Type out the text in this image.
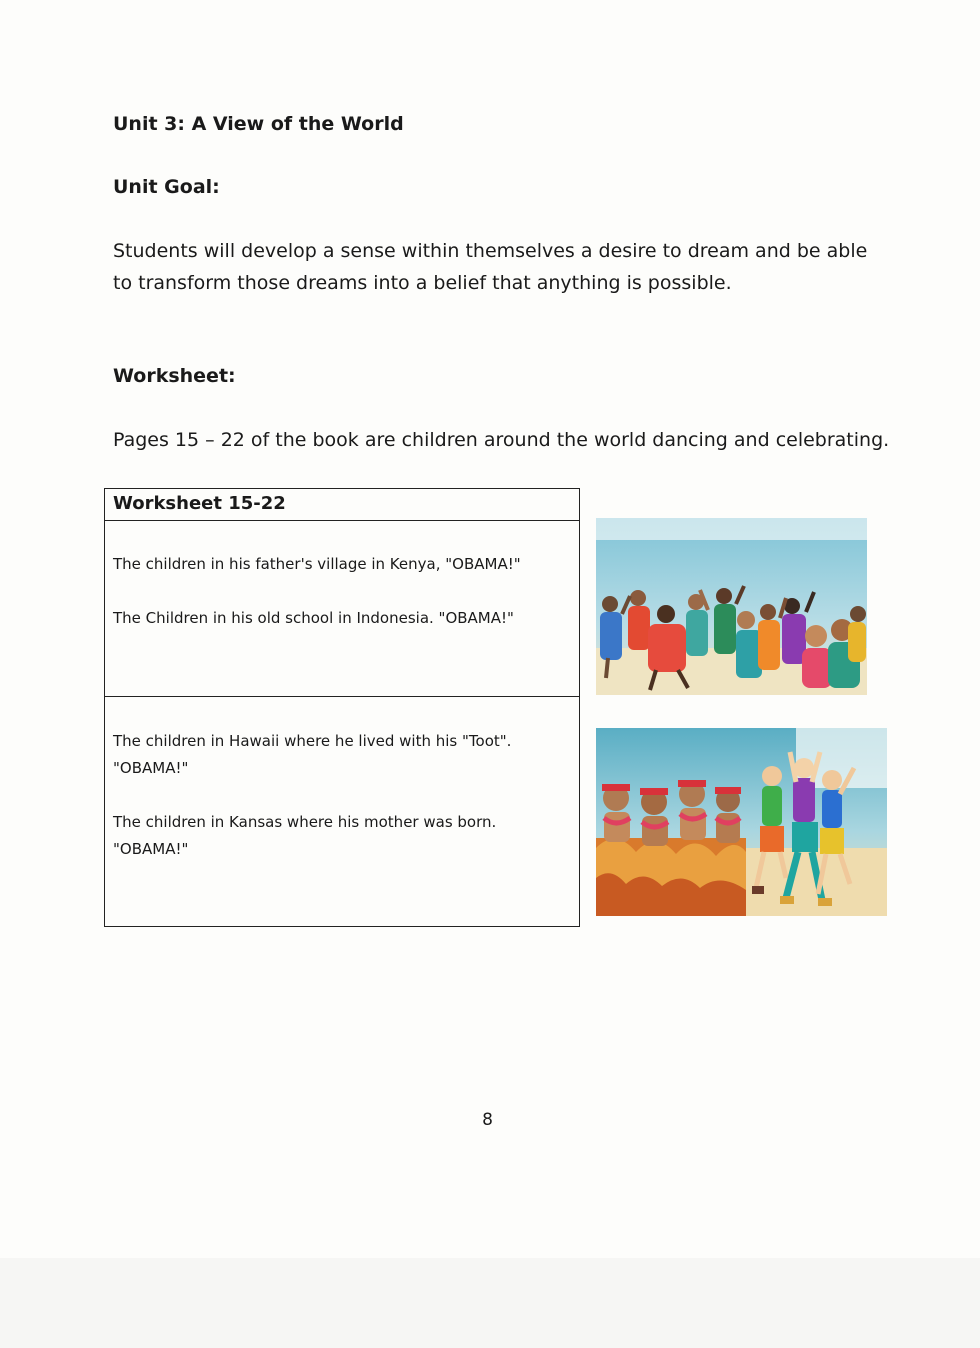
Unit 3: A View of the World
Unit Goal:
Students will develop a sense within themselves a desire to dream and be able to transform those dreams into a belief that anything is possible.
Worksheet:
Pages 15 – 22 of the book are children around the world dancing and celebrating.
Worksheet 15-22

The children in his father's village in Kenya, "OBAMA!"

The Children in his old school in Indonesia. "OBAMA!"

The children in Hawaii where he lived with his "Toot".
"OBAMA!"

The children in Kansas where his mother was born.
"OBAMA!"

8
